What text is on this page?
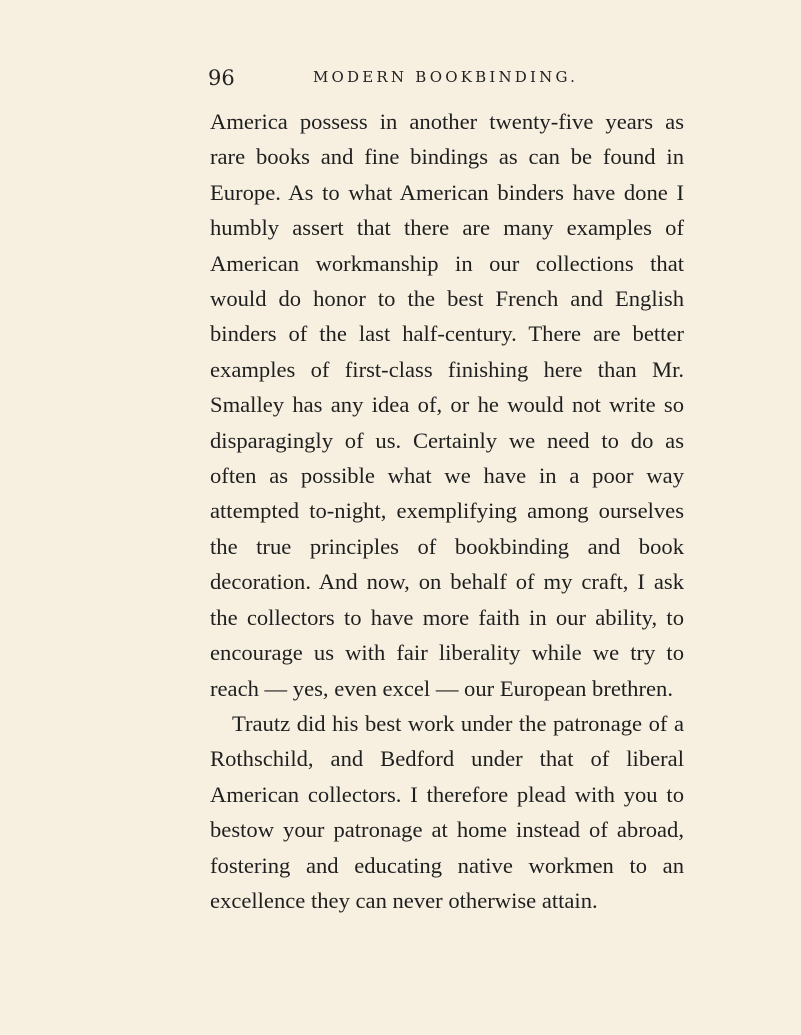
96	MODERN BOOKBINDING.

America possess in another twenty-five years as rare books and fine bindings as can be found in Europe. As to what American binders have done I humbly assert that there are many examples of American workmanship in our collections that would do honor to the best French and English binders of the last half-century. There are better examples of first-class finishing here than Mr. Smalley has any idea of, or he would not write so disparagingly of us. Certainly we need to do as often as possible what we have in a poor way attempted to-night, exemplifying among ourselves the true principles of bookbinding and book decoration. And now, on behalf of my craft, I ask the collectors to have more faith in our ability, to encourage us with fair liberality while we try to reach — yes, even excel — our European brethren.

Trautz did his best work under the patronage of a Rothschild, and Bedford under that of liberal American collectors. I therefore plead with you to bestow your patronage at home instead of abroad, fostering and educating native workmen to an excellence they can never otherwise attain.
